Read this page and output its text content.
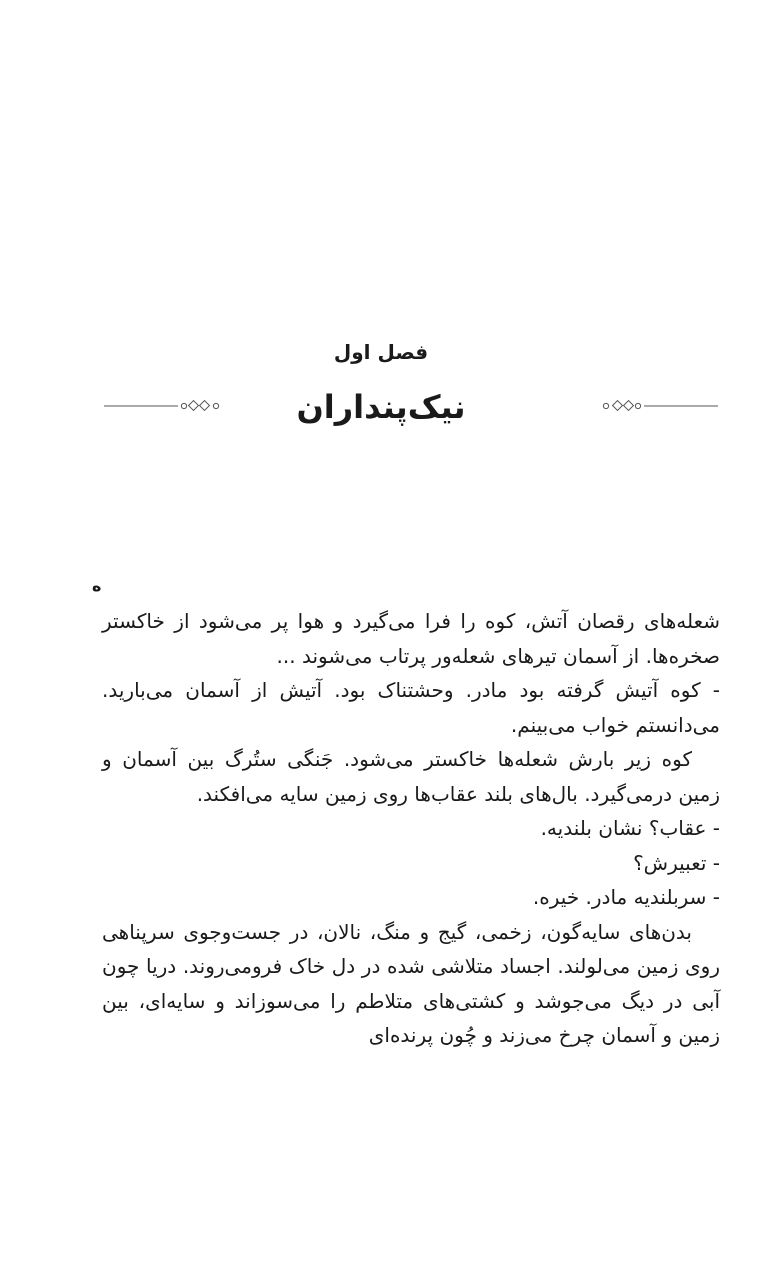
فصل اول
نیک‌پنداران
ه

شعله‌های رقصان آتش، کوه را فرا می‌گیرد و هوا پر می‌شود از خاکستر صخره‌ها. از آسمان تیرهای شعله‌ور پرتاب می‌شوند ...

- کوه آتیش گرفته بود مادر. وحشتناک بود. آتیش از آسمان می‌بارید. می‌دانستم خواب می‌بینم.

کوه زیر بارش شعله‌ها خاکستر می‌شود. جَنگی ستُرگ بین آسمان و زمین درمی‌گیرد. بال‌های بلند عقاب‌ها روی زمین سایه می‌افکند.

- عقاب؟ نشان بلندیه.

- تعبیرش؟

- سربلندیه مادر. خیره.

بدن‌های سایه‌گون، زخمی، گیج و منگ، نالان، در جست‌وجوی سرپناهی روی زمین می‌لولند. اجساد متلاشی شده در دل خاک فرومی‌روند. دریا چون آبی در دیگ می‌جوشد و کشتی‌های متلاطم را می‌سوزاند و سایه‌ای، بین زمین و آسمان چرخ می‌زند و چُون پرنده‌ای
